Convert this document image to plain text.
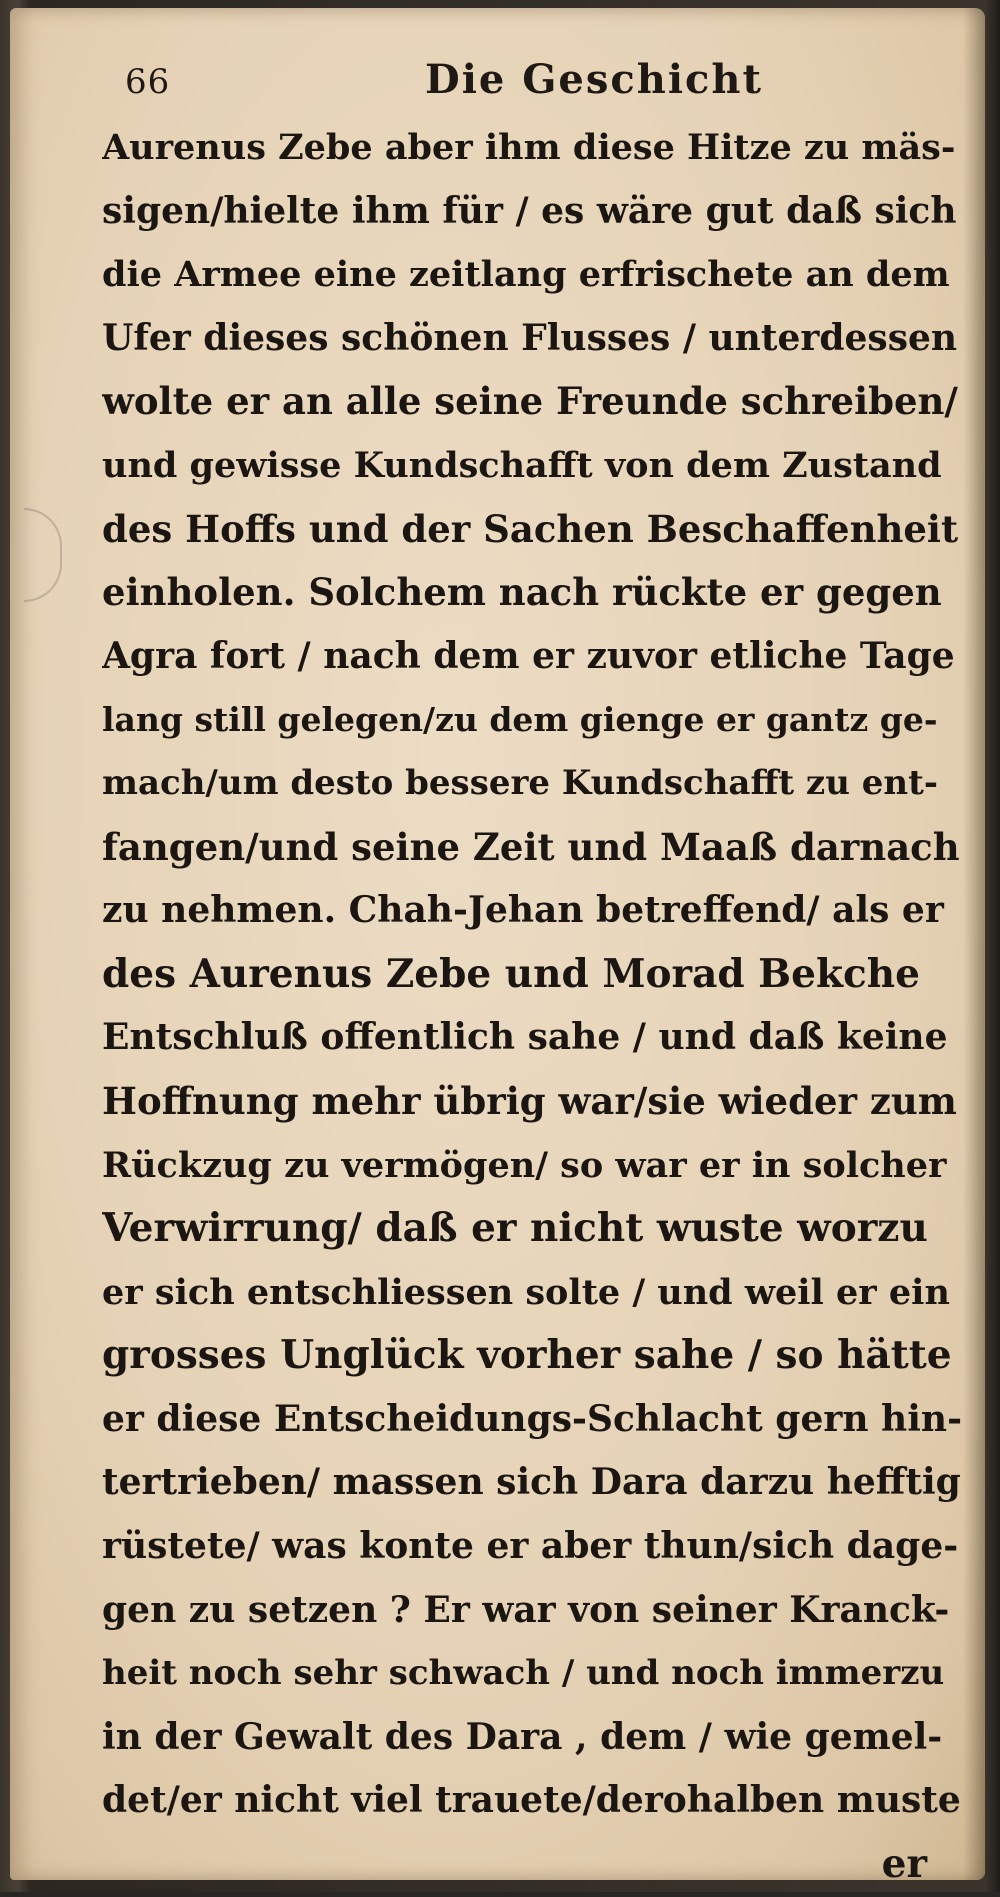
66	Die Geschicht
Aurenus Zebe aber ihm diese Hitze zu mäs-
sigen/hielte ihm für / es wäre gut daß sich
die Armee eine zeitlang erfrischete an dem
Ufer dieses schönen Flusses / unterdessen
wolte er an alle seine Freunde schreiben/
und gewisse Kundschafft von dem Zustand
des Hoffs und der Sachen Beschaffenheit
einholen. Solchem nach rückte er gegen
Agra fort / nach dem er zuvor etliche Tage
lang still gelegen/zu dem gienge er gantz ge-
mach/um desto bessere Kundschafft zu ent-
fangen/und seine Zeit und Maaß darnach
zu nehmen. Chah-Jehan betreffend/ als er
des Aurenus Zebe und Morad Bekche
Entschluß offentlich sahe / und daß keine
Hoffnung mehr übrig war/sie wieder zum
Rückzug zu vermögen/ so war er in solcher
Verwirrung/ daß er nicht wuste worzu
er sich entschliessen solte / und weil er ein
grosses Unglück vorher sahe / so hätte
er diese Entscheidungs-Schlacht gern hin-
tertrieben/ massen sich Dara darzu hefftig
rüstete/ was konte er aber thun/sich dage-
gen zu setzen ? Er war von seiner Kranck-
heit noch sehr schwach / und noch immerzu
in der Gewalt des Dara , dem / wie gemel-
det/er nicht viel trauete/derohalben muste
er
